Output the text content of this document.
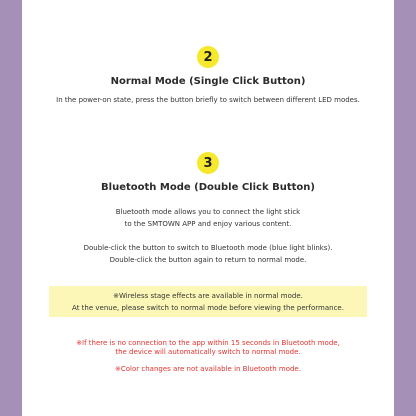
2
Normal Mode (Single Click Button)
In the power-on state, press the button briefly to switch between different LED modes.
3
Bluetooth Mode (Double Click Button)
Bluetooth mode allows you to connect the light stick
to the SMTOWN APP and enjoy various content.
Double-click the button to switch to Bluetooth mode (blue light blinks).
Double-click the button again to return to normal mode.
※Wireless stage effects are available in normal mode.
At the venue, please switch to normal mode before viewing the performance.
※If there is no connection to the app within 15 seconds in Bluetooth mode,
the device will automatically switch to normal mode.
※Color changes are not available in Bluetooth mode.
